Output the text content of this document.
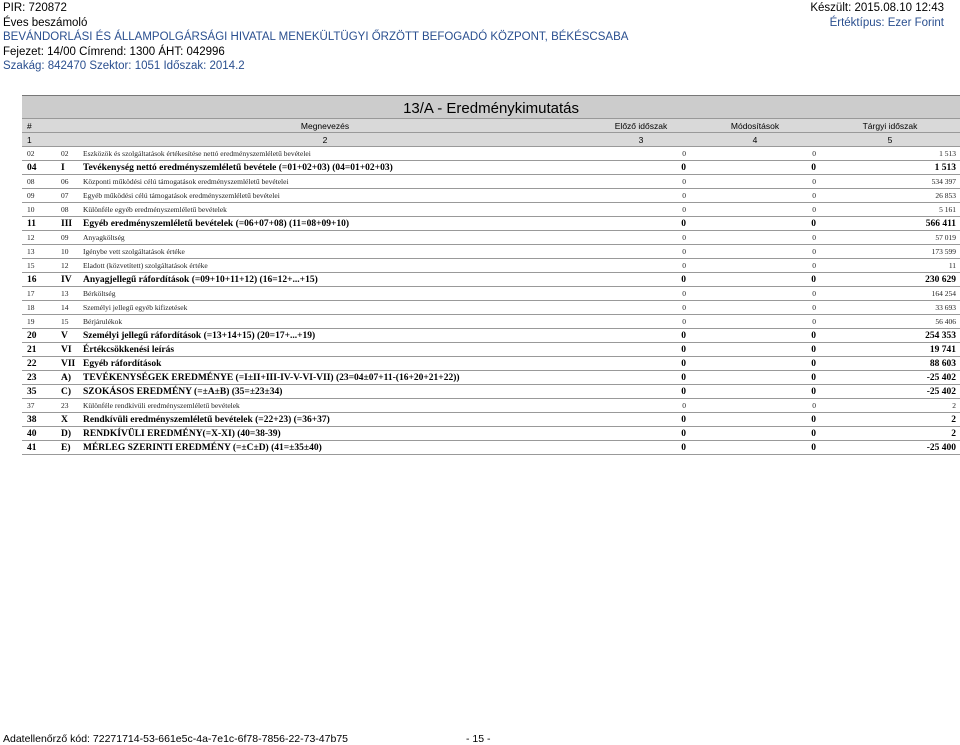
PIR: 720872
Éves beszámoló
BEVÁNDORLÁSI ÉS ÁLLAMPOLGÁRSÁGI HIVATAL MENEKÜLTÜGYI ŐRZÖTT BEFOGADÓ KÖZPONT, BÉKÉSCSABA
Fejezet: 14/00 Címrend: 1300 ÁHT: 042996
Szakág: 842470 Szektor: 1051 Időszak: 2014.2
Készült: 2015.08.10 12:43
Értéktípus: Ezer Forint
13/A - Eredménykimutatás					
#	Megnevezés		Előző időszak	Módosítások	Tárgyi időszak
1	2		3	4	5
02	02	Eszközök és szolgáltatások értékesítése nettó eredményszemléletű bevételei	0	0	1 513
04	I	Tevékenység nettó eredményszemléletű bevétele (=01+02+03) (04=01+02+03)	0	0	1 513
08	06	Központi működési célú támogatások eredményszemléletű bevételei	0	0	534 397
09	07	Egyéb működési célú támogatások eredményszemléletű bevételei	0	0	26 853
10	08	Különféle egyéb eredményszemléletű bevételek	0	0	5 161
11	III	Egyéb eredményszemléletű bevételek (=06+07+08) (11=08+09+10)	0	0	566 411
12	09	Anyagköltség	0	0	57 019
13	10	Igénybe vett szolgáltatások értéke	0	0	173 599
15	12	Eladott (közvetített) szolgáltatások értéke	0	0	11
16	IV	Anyagjellegű ráfordítások (=09+10+11+12) (16=12+...+15)	0	0	230 629
17	13	Bérköltség	0	0	164 254
18	14	Személyi jellegű egyéb kifizetések	0	0	33 693
19	15	Bérjárulékok	0	0	56 406
20	V	Személyi jellegű ráfordítások (=13+14+15) (20=17+...+19)	0	0	254 353
21	VI	Értékcsökkenési leírás	0	0	19 741
22	VII	Egyéb ráfordítások	0	0	88 603
23	A)	TEVÉKENYSÉGEK EREDMÉNYE (=I±II+III-IV-V-VI-VII) (23=04±07+11-(16+20+21+22))	0	0	-25 402
35	C)	SZOKÁSOS EREDMÉNY (=±A±B) (35=±23±34)	0	0	-25 402
37	23	Különféle rendkívüli eredményszemléletű bevételek	0	0	2
38	X	Rendkívüli eredményszemléletű bevételek (=22+23) (=36+37)	0	0	2
40	D)	RENDKÍVÜLI EREDMÉNY(=X-XI) (40=38-39)	0	0	2
41	E)	MÉRLEG SZERINTI EREDMÉNY (=±C±D) (41=±35±40)	0	0	-25 400
Adatellenőrző kód: 72271714-53-661e5c-4a-7e1c-6f78-7856-22-73-47b75	- 15 -
